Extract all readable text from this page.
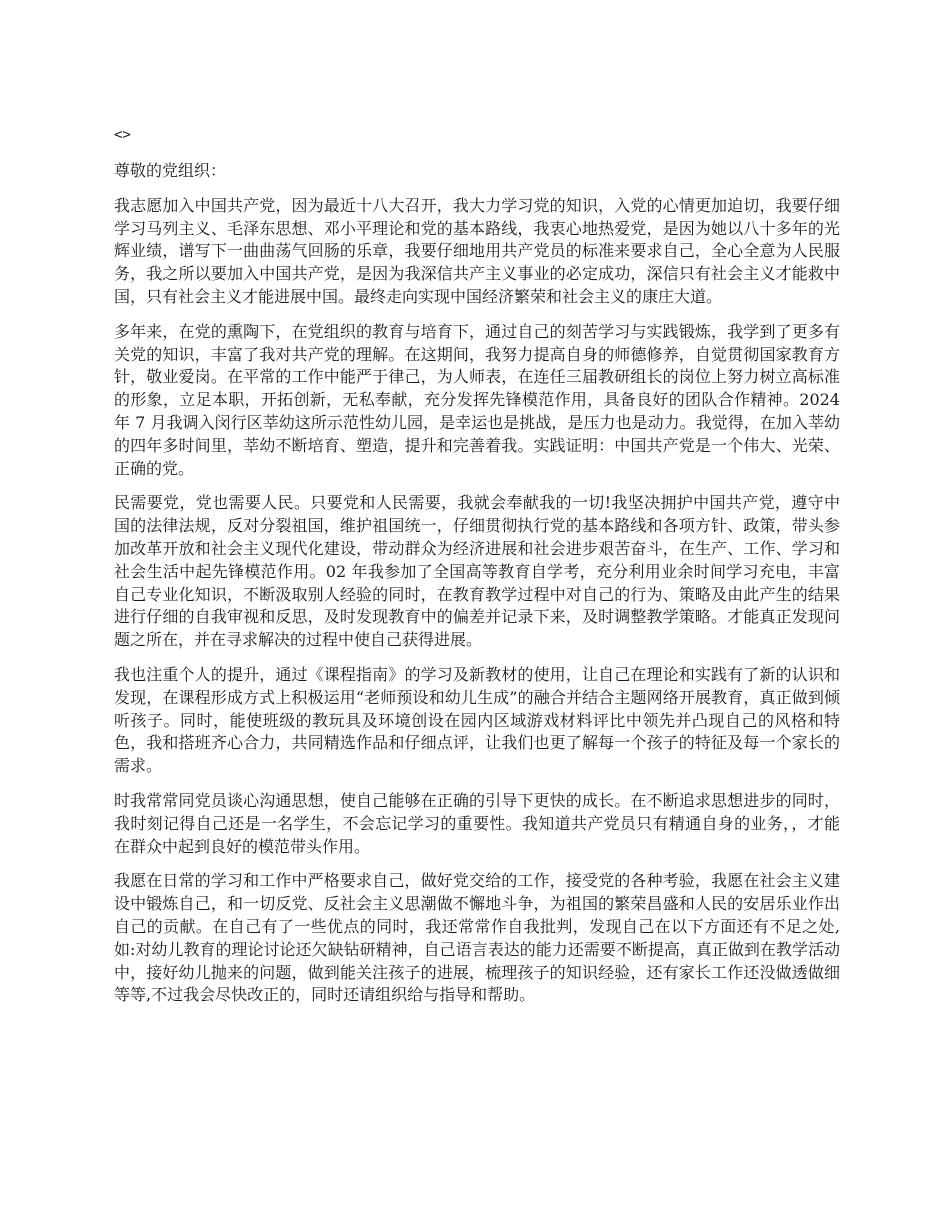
<>

尊敬的党组织：

我志愿加入中国共产党，因为最近十八大召开，我大力学习党的知识，入党的心情更加迫切，我要仔细学习马列主义、毛泽东思想、邓小平理论和党的基本路线，我衷心地热爱党，是因为她以八十多年的光辉业绩，谱写下一曲曲荡气回肠的乐章，我要仔细地用共产党员的标准来要求自己，全心全意为人民服务，我之所以要加入中国共产党，是因为我深信共产主义事业的必定成功，深信只有社会主义才能救中国，只有社会主义才能进展中国。最终走向实现中国经济繁荣和社会主义的康庄大道。

多年来，在党的熏陶下，在党组织的教育与培育下，通过自己的刻苦学习与实践锻炼，我学到了更多有关党的知识，丰富了我对共产党的理解。在这期间，我努力提高自身的师德修养，自觉贯彻国家教育方针，敬业爱岗。在平常的工作中能严于律己，为人师表，在连任三届教研组长的岗位上努力树立高标准的形象，立足本职，开拓创新，无私奉献，充分发挥先锋模范作用，具备良好的团队合作精神。2024 年 7 月我调入闵行区莘幼这所示范性幼儿园，是幸运也是挑战，是压力也是动力。我觉得，在加入莘幼的四年多时间里，莘幼不断培育、塑造，提升和完善着我。实践证明：中国共产党是一个伟大、光荣、正确的党。

民需要党，党也需要人民。只要党和人民需要，我就会奉献我的一切!我坚决拥护中国共产党，遵守中国的法律法规，反对分裂祖国，维护祖国统一，仔细贯彻执行党的基本路线和各项方针、政策，带头参加改革开放和社会主义现代化建设，带动群众为经济进展和社会进步艰苦奋斗，在生产、工作、学习和社会生活中起先锋模范作用。02 年我参加了全国高等教育自学考，充分利用业余时间学习充电，丰富自己专业化知识，不断汲取别人经验的同时，在教育教学过程中对自己的行为、策略及由此产生的结果进行仔细的自我审视和反思，及时发现教育中的偏差并记录下来，及时调整教学策略。才能真正发现问题之所在，并在寻求解决的过程中使自己获得进展。

我也注重个人的提升，通过《课程指南》的学习及新教材的使用，让自己在理论和实践有了新的认识和发现，在课程形成方式上积极运用“老师预设和幼儿生成”的融合并结合主题网络开展教育，真正做到倾听孩子。同时，能使班级的教玩具及环境创设在园内区域游戏材料评比中领先并凸现自己的风格和特色，我和搭班齐心合力，共同精选作品和仔细点评，让我们也更了解每一个孩子的特征及每一个家长的需求。

时我常常同党员谈心沟通思想，使自己能够在正确的引导下更快的成长。在不断追求思想进步的同时，我时刻记得自己还是一名学生，不会忘记学习的重要性。我知道共产党员只有精通自身的业务，，才能在群众中起到良好的模范带头作用。

我愿在日常的学习和工作中严格要求自己，做好党交给的工作，接受党的各种考验，我愿在社会主义建设中锻炼自己，和一切反党、反社会主义思潮做不懈地斗争，为祖国的繁荣昌盛和人民的安居乐业作出自己的贡献。在自己有了一些优点的同时，我还常常作自我批判，发现自己在以下方面还有不足之处,如:对幼儿教育的理论讨论还欠缺钻研精神，自己语言表达的能力还需要不断提高，真正做到在教学活动中，接好幼儿抛来的问题，做到能关注孩子的进展，梳理孩子的知识经验，还有家长工作还没做透做细等等,不过我会尽快改正的，同时还请组织给与指导和帮助。
